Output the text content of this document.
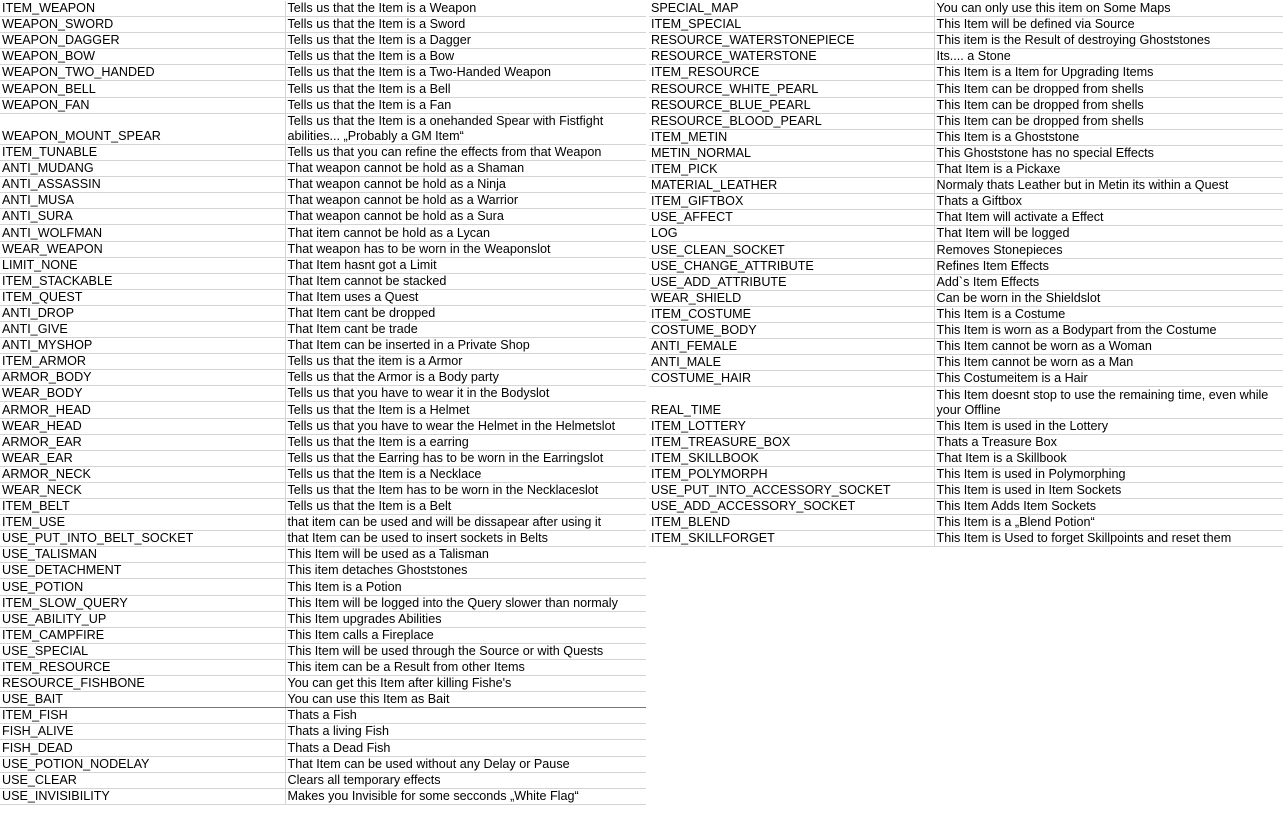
ITEM_WEAPON	Tells us that the Item is a Weapon
WEAPON_SWORD	Tells us that the Item is a Sword
WEAPON_DAGGER	Tells us that the Item is a Dagger
WEAPON_BOW	Tells us that the Item is a Bow
WEAPON_TWO_HANDED	Tells us that the Item is a Two-Handed Weapon
WEAPON_BELL	Tells us that the Item is a Bell
WEAPON_FAN	Tells us that the Item is a Fan
WEAPON_MOUNT_SPEAR	Tells us that the Item is a onehanded Spear with Fistfight abilities... „Probably a GM Item“
ITEM_TUNABLE	Tells us that you can refine the effects from that Weapon
ANTI_MUDANG	That weapon cannot be hold as a Shaman
ANTI_ASSASSIN	That weapon cannot be hold as a Ninja
ANTI_MUSA	That weapon cannot be hold as a Warrior
ANTI_SURA	That weapon cannot be hold as a Sura
ANTI_WOLFMAN	That item cannot be hold as a Lycan
WEAR_WEAPON	That weapon has to be worn in the Weaponslot
LIMIT_NONE	That Item hasnt got a Limit
ITEM_STACKABLE	That Item cannot be stacked
ITEM_QUEST	That Item uses a Quest
ANTI_DROP	That Item cant be dropped
ANTI_GIVE	That Item cant be trade
ANTI_MYSHOP	That Item can be inserted in a Private Shop
ITEM_ARMOR	Tells us that the item is a Armor
ARMOR_BODY	Tells us that the Armor is a Body party
WEAR_BODY	Tells us that you have to wear it in the Bodyslot
ARMOR_HEAD	Tells us that the Item is a Helmet
WEAR_HEAD	Tells us that you have to wear the Helmet in the Helmetslot
ARMOR_EAR	Tells us that the Item is a earring
WEAR_EAR	Tells us that the Earring has to be worn in the Earringslot
ARMOR_NECK	Tells us that the Item is a Necklace
WEAR_NECK	Tells us that the Item has to be worn in the Necklaceslot
ITEM_BELT	Tells us that the Item is a Belt
ITEM_USE	that item can be used and will be dissapear after using it
USE_PUT_INTO_BELT_SOCKET	that Item can be used to insert sockets in Belts
USE_TALISMAN	This Item will be used as a Talisman
USE_DETACHMENT	This item detaches Ghoststones
USE_POTION	This Item is a Potion
ITEM_SLOW_QUERY	This Item will be logged into the Query slower than normaly
USE_ABILITY_UP	This Item upgrades Abilities
ITEM_CAMPFIRE	This Item calls a Fireplace
USE_SPECIAL	This Item will be used through the Source or with Quests
ITEM_RESOURCE	This item can be a Result from other Items
RESOURCE_FISHBONE	You can get this Item after killing Fishe's
USE_BAIT	You can use this Item as Bait
ITEM_FISH	Thats a Fish
FISH_ALIVE	Thats a living Fish
FISH_DEAD	Thats a Dead Fish
USE_POTION_NODELAY	That Item can be used without any Delay or Pause
USE_CLEAR	Clears all temporary effects
USE_INVISIBILITY	Makes you Invisible for some secconds „White Flag“
SPECIAL_MAP	You can only use this item on Some Maps
ITEM_SPECIAL	This Item will be defined via Source
RESOURCE_WATERSTONEPIECE	This item is the Result of destroying Ghoststones
RESOURCE_WATERSTONE	Its.... a Stone
ITEM_RESOURCE	This Item is a Item for Upgrading Items
RESOURCE_WHITE_PEARL	This Item can be dropped from shells
RESOURCE_BLUE_PEARL	This Item can be dropped from shells
RESOURCE_BLOOD_PEARL	This Item can be dropped from shells
ITEM_METIN	This Item is a Ghoststone
METIN_NORMAL	This Ghoststone has no special Effects
ITEM_PICK	That Item is a Pickaxe
MATERIAL_LEATHER	Normaly thats Leather but in Metin its within a Quest
ITEM_GIFTBOX	Thats a Giftbox
USE_AFFECT	That Item will activate a Effect
LOG	That Item will be logged
USE_CLEAN_SOCKET	Removes Stonepieces
USE_CHANGE_ATTRIBUTE	Refines Item Effects
USE_ADD_ATTRIBUTE	Add`s Item Effects
WEAR_SHIELD	Can be worn in the Shieldslot
ITEM_COSTUME	This Item is a Costume
COSTUME_BODY	This Item is worn as a Bodypart from the Costume
ANTI_FEMALE	This Item cannot be worn as a Woman
ANTI_MALE	This Item cannot be worn as a Man
COSTUME_HAIR	This Costumeitem is a Hair
REAL_TIME	This Item doesnt stop to use the remaining time, even while your Offline
ITEM_LOTTERY	This Item is used in the Lottery
ITEM_TREASURE_BOX	Thats a Treasure Box
ITEM_SKILLBOOK	That Item is a Skillbook
ITEM_POLYMORPH	This Item is used in Polymorphing
USE_PUT_INTO_ACCESSORY_SOCKET	This Item is used in Item Sockets
USE_ADD_ACCESSORY_SOCKET	This Item Adds Item Sockets
ITEM_BLEND	This Item is a „Blend Potion“
ITEM_SKILLFORGET	This Item is Used to forget Skillpoints and reset them
